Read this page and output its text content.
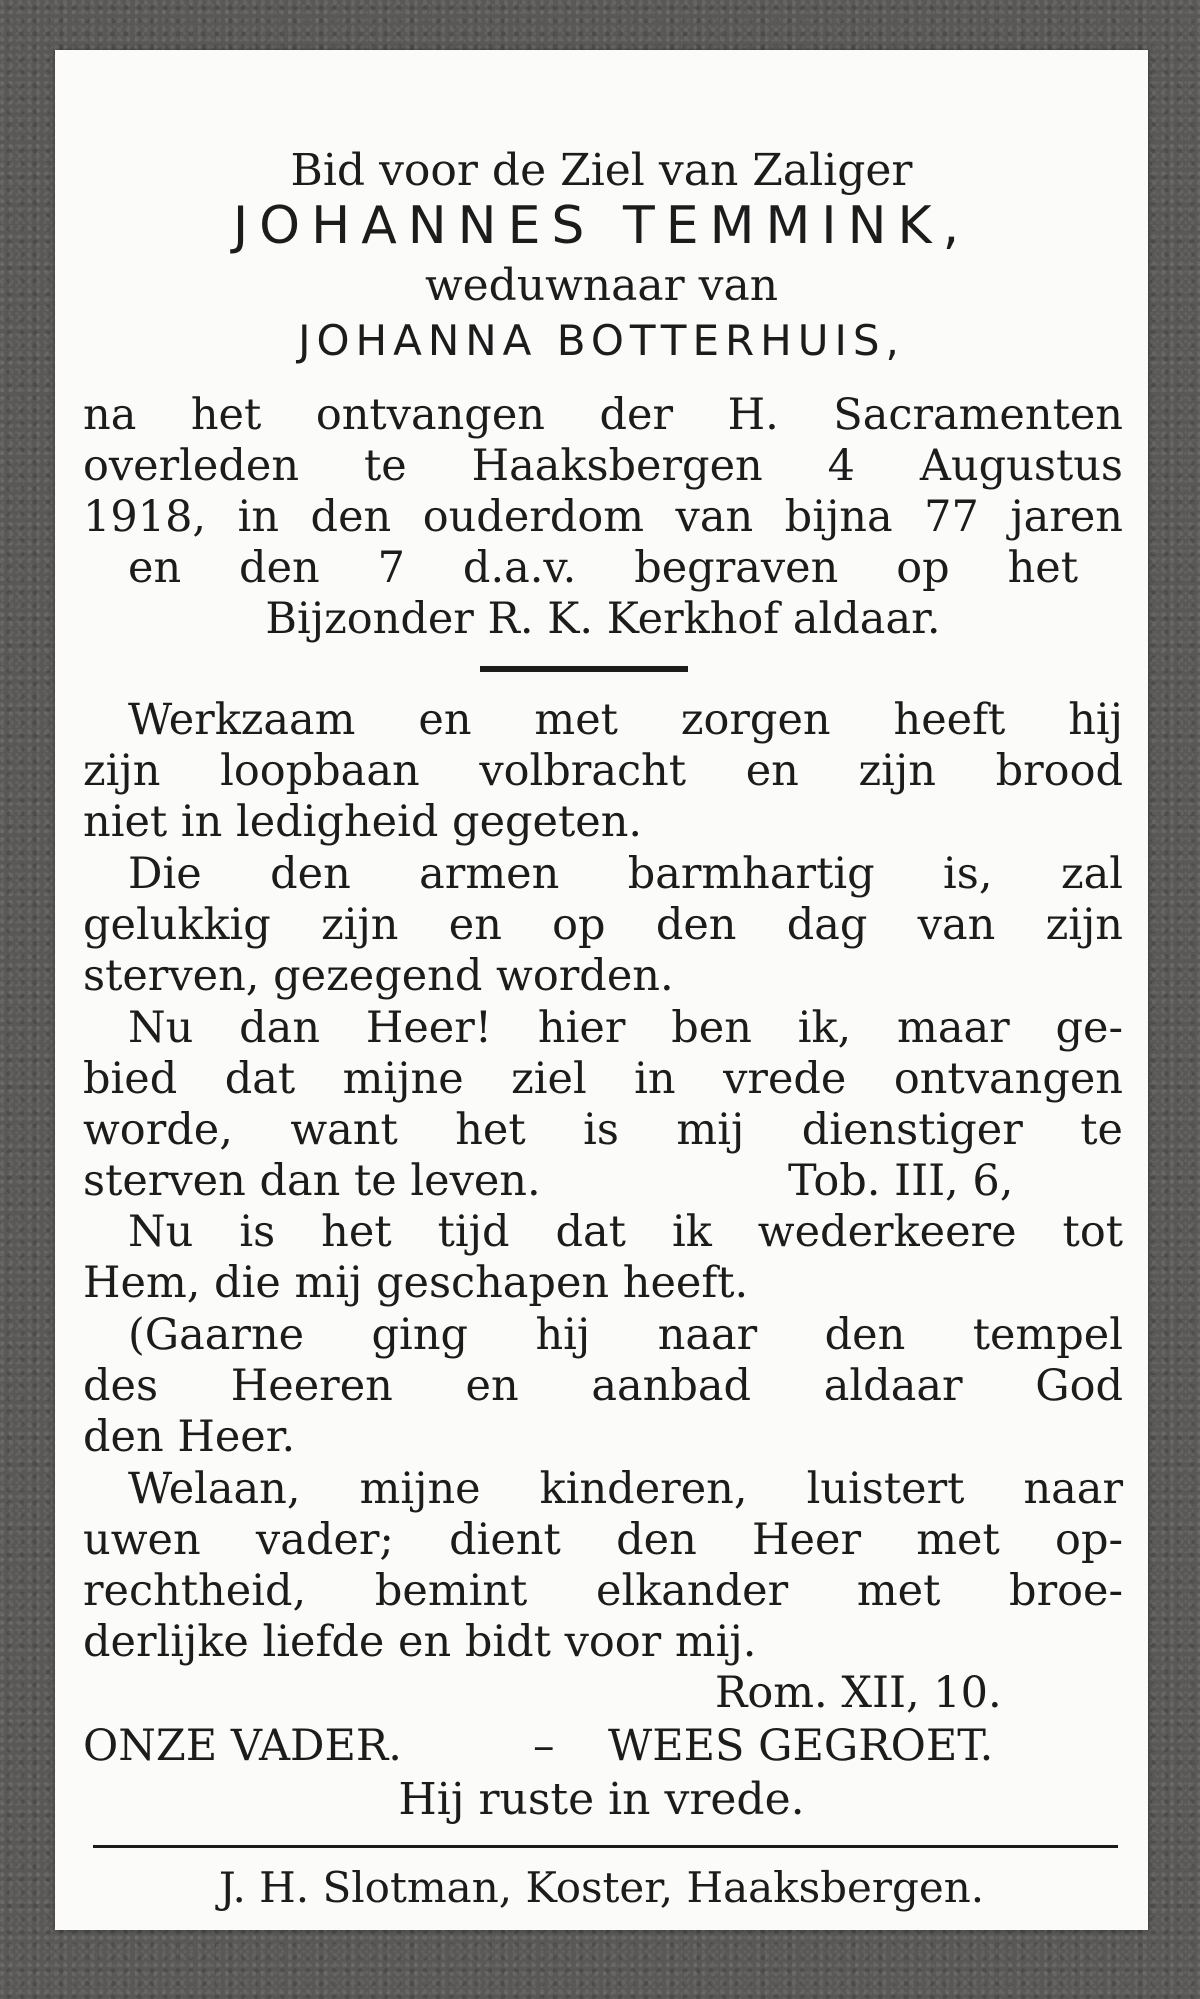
Bid voor de Ziel van Zaliger
JOHANNES TEMMINK,
weduwnaar van
JOHANNA BOTTERHUIS,
na het ontvangen der H. Sacramenten
overleden te Haaksbergen 4 Augustus
1918, in den ouderdom van bijna 77 jaren
en den 7 d.a.v. begraven op het
Bijzonder R. K. Kerkhof aldaar.
Werkzaam en met zorgen heeft hij
zijn loopbaan volbracht en zijn brood
niet in ledigheid gegeten.
Die den armen barmhartig is, zal
gelukkig zijn en op den dag van zijn
sterven, gezegend worden.
Nu dan Heer! hier ben ik, maar ge-
bied dat mijne ziel in vrede ontvangen
worde, want het is mij dienstiger te
sterven dan te leven.	Tob. III, 6,
Nu is het tijd dat ik wederkeere tot
Hem, die mij geschapen heeft.
(Gaarne ging hij naar den tempel
des Heeren en aanbad aldaar God
den Heer.
Welaan, mijne kinderen, luistert naar
uwen vader; dient den Heer met op-
rechtheid, bemint elkander met broe-
derlijke liefde en bidt voor mij.
Rom. XII, 10.
ONZE VADER.	– WEES GEGROET.
Hij ruste in vrede.
J. H. Slotman, Koster, Haaksbergen.
